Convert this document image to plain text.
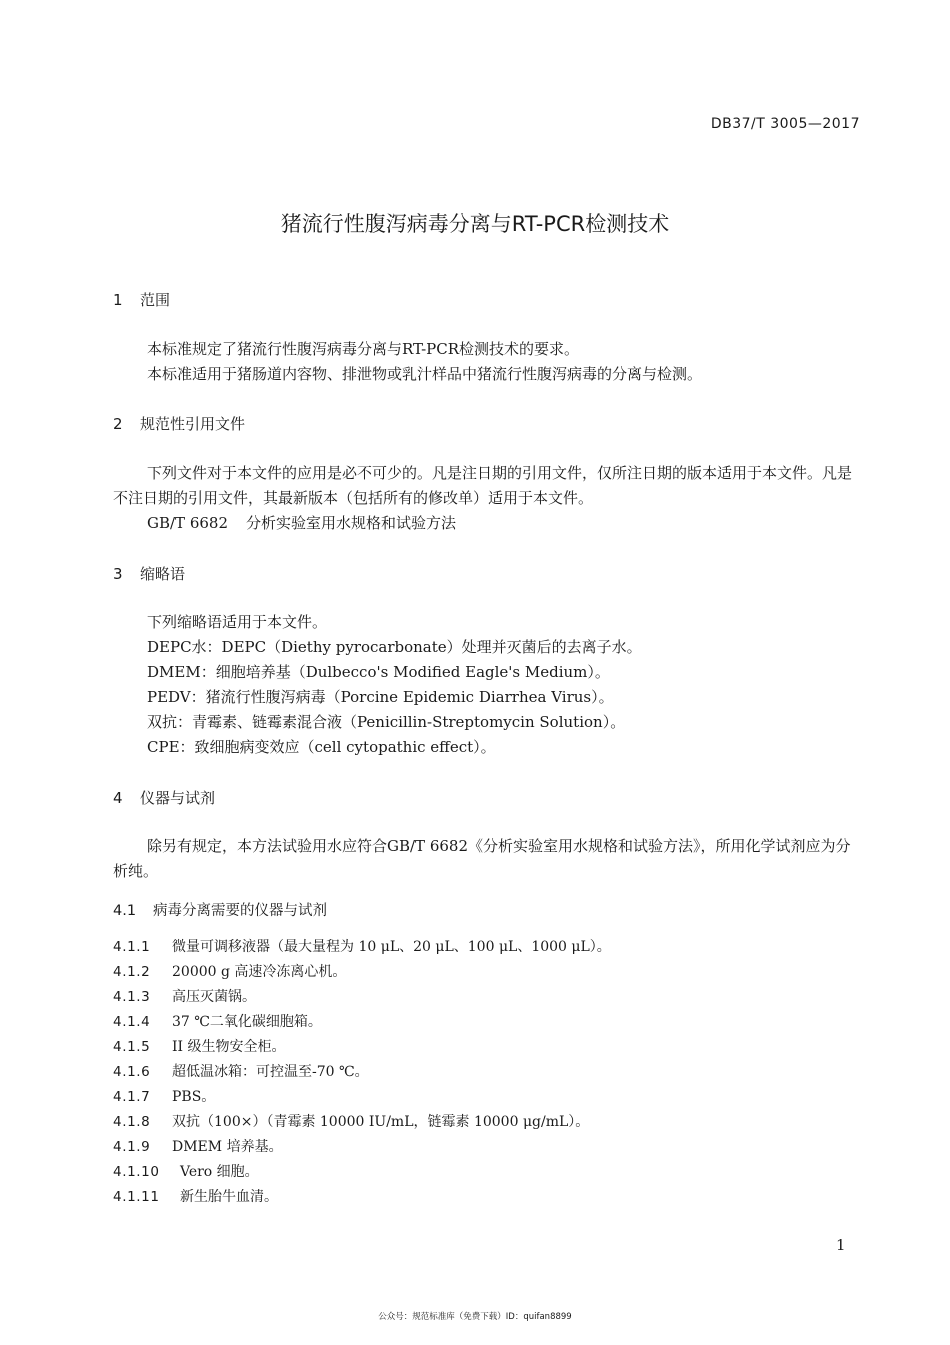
DB37/T 3005—2017
猪流行性腹泻病毒分离与RT-PCR检测技术
1 范围
本标准规定了猪流行性腹泻病毒分离与RT-PCR检测技术的要求。
本标准适用于猪肠道内容物、排泄物或乳汁样品中猪流行性腹泻病毒的分离与检测。
2 规范性引用文件
下列文件对于本文件的应用是必不可少的。凡是注日期的引用文件，仅所注日期的版本适用于本文件。凡是不注日期的引用文件，其最新版本（包括所有的修改单）适用于本文件。
GB/T 6682 分析实验室用水规格和试验方法
3 缩略语
下列缩略语适用于本文件。
DEPC水：DEPC（Diethy pyrocarbonate）处理并灭菌后的去离子水。
DMEM：细胞培养基（Dulbecco's Modified Eagle's Medium）。
PEDV：猪流行性腹泻病毒（Porcine Epidemic Diarrhea Virus）。
双抗：青霉素、链霉素混合液（Penicillin-Streptomycin Solution）。
CPE：致细胞病变效应（cell cytopathic effect）。
4 仪器与试剂
除另有规定，本方法试验用水应符合GB/T 6682《分析实验室用水规格和试验方法》，所用化学试剂应为分析纯。
4.1 病毒分离需要的仪器与试剂
4.1.1 微量可调移液器（最大量程为 10 μL、20 μL、100 μL、1000 μL）。
4.1.2 20000 g 高速冷冻离心机。
4.1.3 高压灭菌锅。
4.1.4 37 ℃二氧化碳细胞箱。
4.1.5 II 级生物安全柜。
4.1.6 超低温冰箱：可控温至-70 ℃。
4.1.7 PBS。
4.1.8 双抗（100×）（青霉素 10000 IU/mL，链霉素 10000 μg/mL）。
4.1.9 DMEM 培养基。
4.1.10 Vero 细胞。
4.1.11 新生胎牛血清。
1
公众号：规范标准库（免费下载）ID：quifan8899
